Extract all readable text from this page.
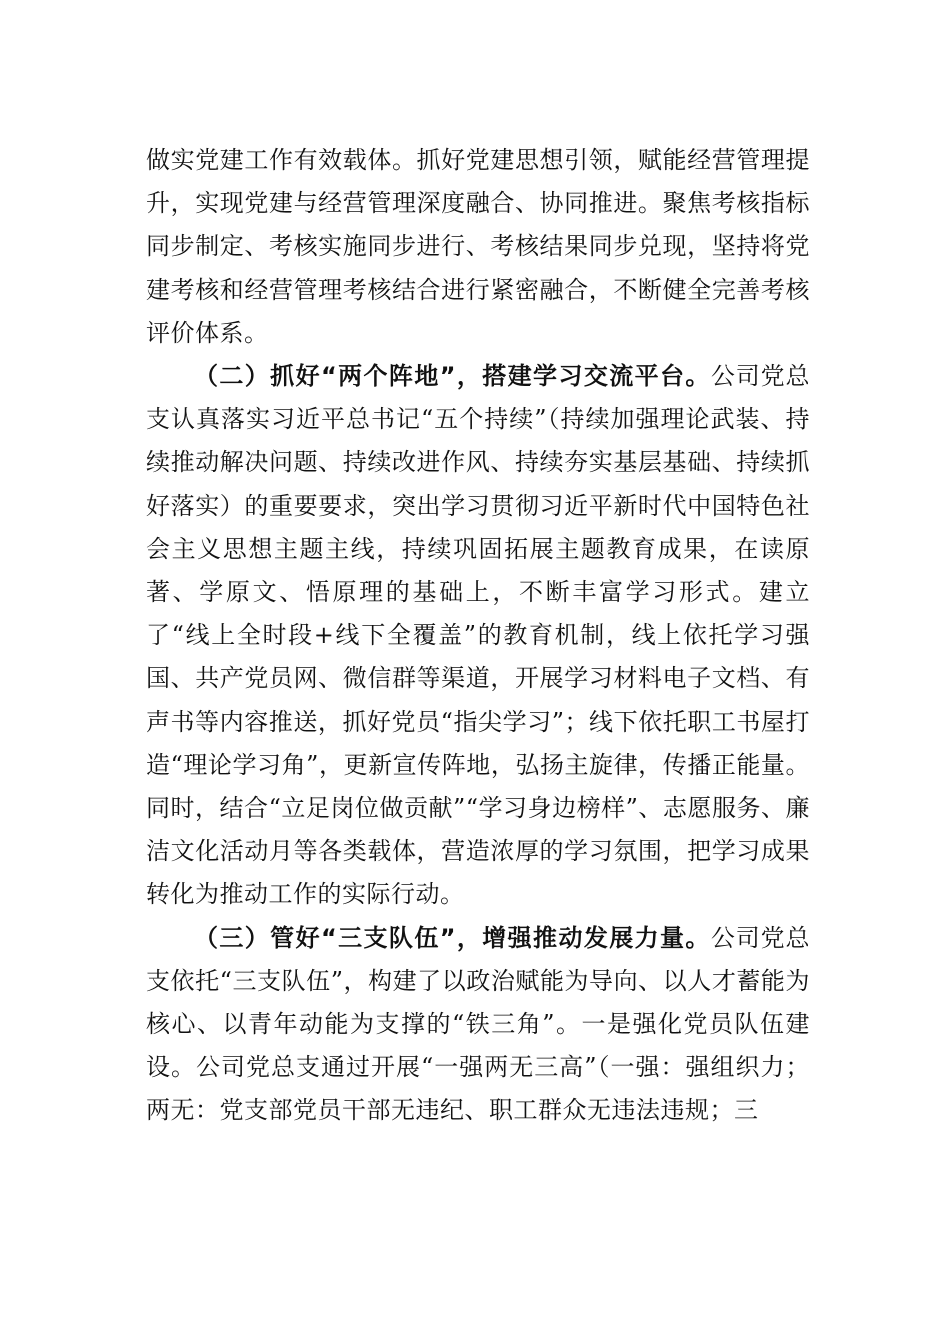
做实党建工作有效载体。抓好党建思想引领，赋能经营管理提升，实现党建与经营管理深度融合、协同推进。聚焦考核指标同步制定、考核实施同步进行、考核结果同步兑现，坚持将党建考核和经营管理考核结合进行紧密融合，不断健全完善考核评价体系。

（二）抓好“两个阵地”，搭建学习交流平台。公司党总支认真落实习近平总书记“五个持续”（持续加强理论武装、持续推动解决问题、持续改进作风、持续夯实基层基础、持续抓好落实）的重要要求，突出学习贯彻习近平新时代中国特色社会主义思想主题主线，持续巩固拓展主题教育成果，在读原著、学原文、悟原理的基础上，不断丰富学习形式。建立了“线上全时段+线下全覆盖”的教育机制，线上依托学习强国、共产党员网、微信群等渠道，开展学习材料电子文档、有声书等内容推送，抓好党员“指尖学习”；线下依托职工书屋打造“理论学习角”，更新宣传阵地，弘扬主旋律，传播正能量。同时，结合“立足岗位做贡献”“学习身边榜样”、志愿服务、廉洁文化活动月等各类载体，营造浓厚的学习氛围，把学习成果转化为推动工作的实际行动。

（三）管好“三支队伍”，增强推动发展力量。公司党总支依托“三支队伍”，构建了以政治赋能为导向、以人才蓄能为核心、以青年动能为支撑的“铁三角”。一是强化党员队伍建设。公司党总支通过开展“一强两无三高”（一强：强组织力；两无：党支部党员干部无违纪、职工群众无违法违规；三
